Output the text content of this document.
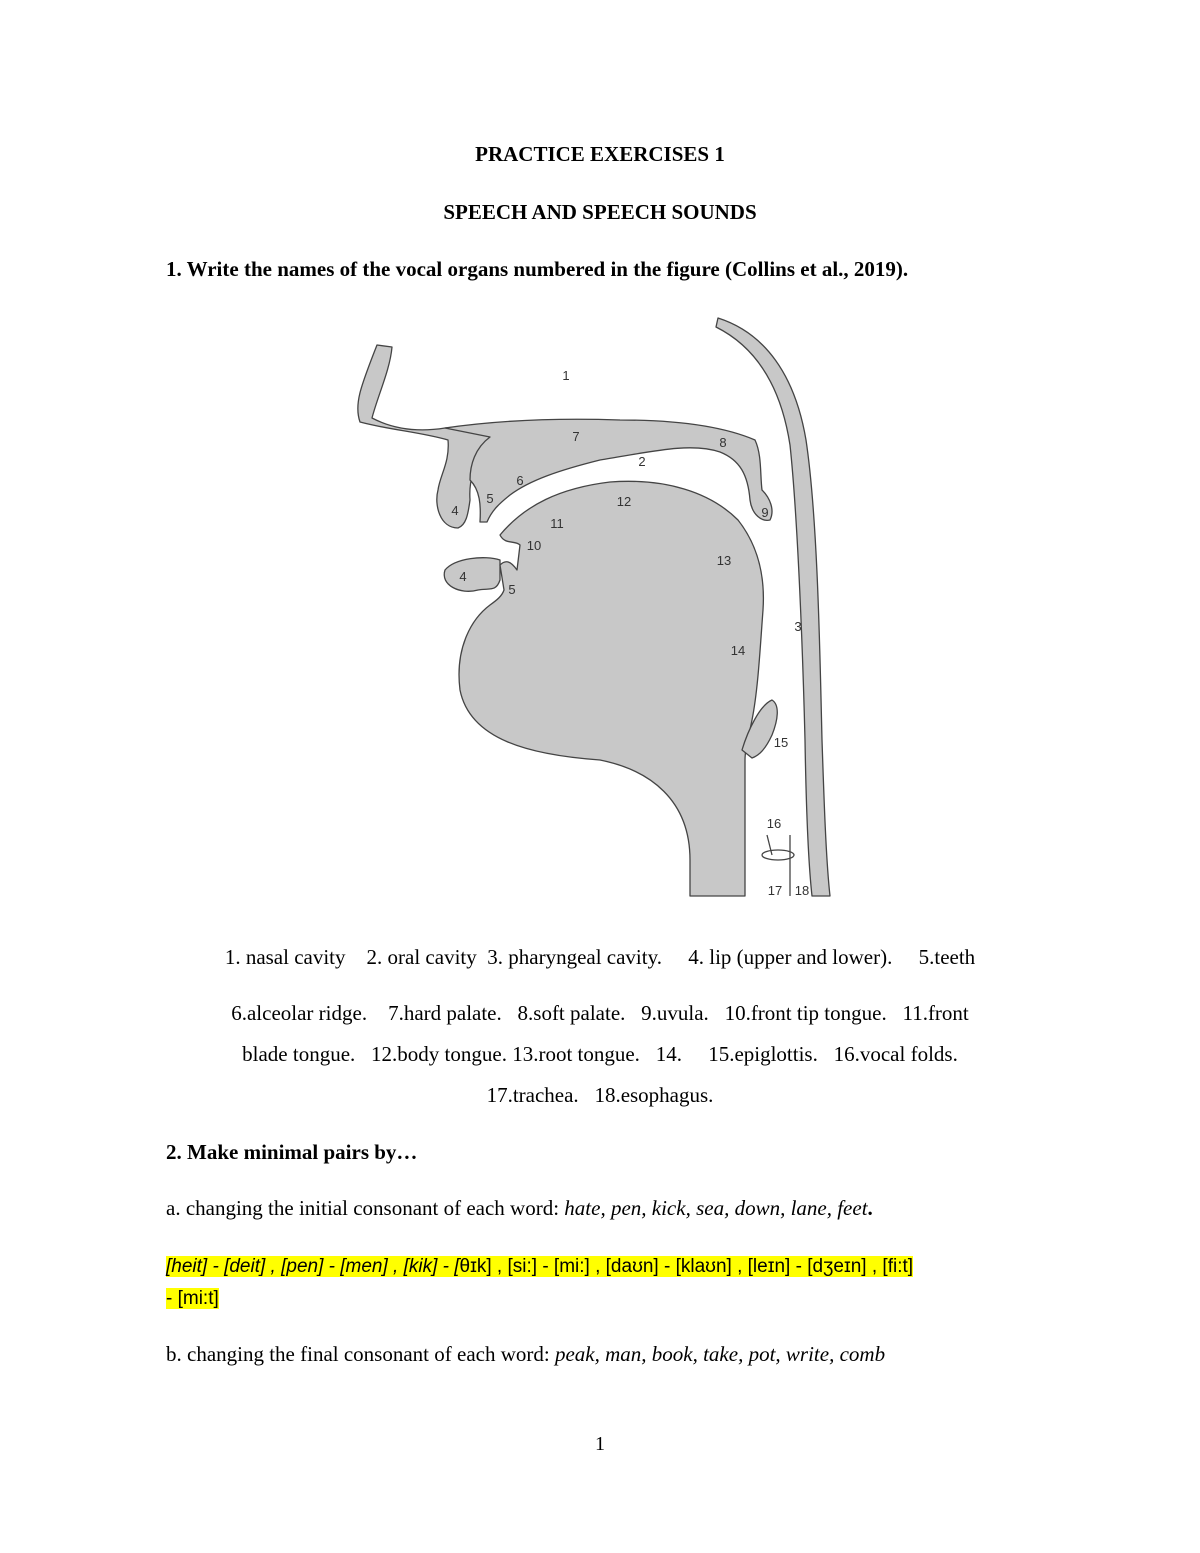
PRACTICE EXERCISES 1
SPEECH AND SPEECH SOUNDS
1. Write the names of the vocal organs numbered in the figure (Collins et al., 2019).
1
2
3
4
4
5
5
6
7	8
9
10
11
12
13
14
15
16
17 18
1. nasal cavity 2. oral cavity 3. pharyngeal cavity. 4. lip (upper and lower). 5.teeth
6.alceolar ridge. 7.hard palate. 8.soft palate. 9.uvula. 10.front tip tongue. 11.front
blade tongue. 12.body tongue. 13.root tongue. 14. 15.epiglottis. 16.vocal folds.
17.trachea. 18.esophagus.
2. Make minimal pairs by…
a. changing the initial consonant of each word: hate, pen, kick, sea, down, lane, feet.
[heit] - [deit] , [pen] - [men] , [kik] - [θɪk] , [si:] - [mi:] , [daʊn] - [klaʊn] , [leɪn] - [dʒeɪn] , [fi:t]
- [mi:t]
b. changing the final consonant of each word: peak, man, book, take, pot, write, comb
1
